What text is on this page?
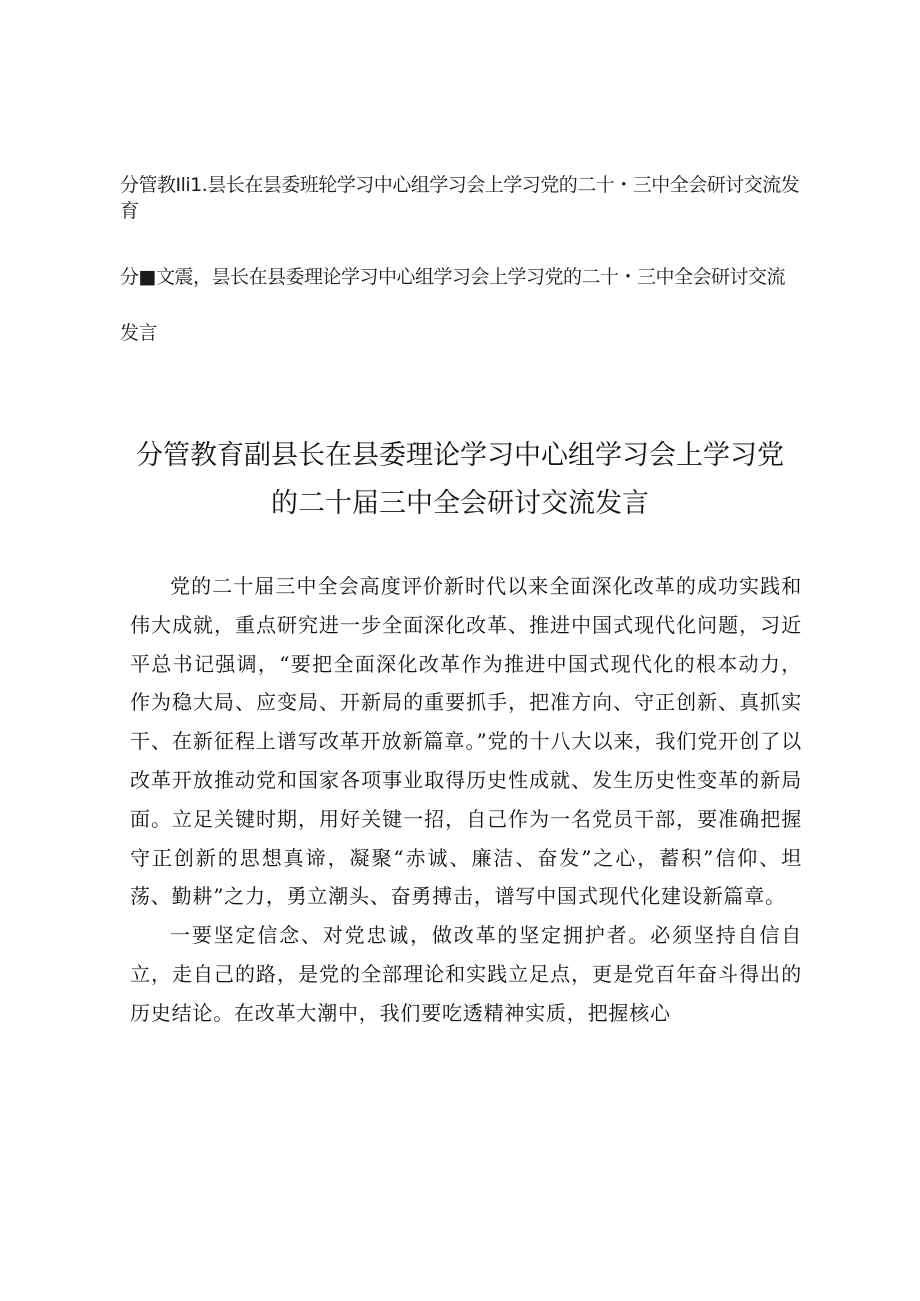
分管教Ili1.昙长在昙委班轮学习中心组学习会上学习党的二十・三中全会研讨交流发育
分■文震，昙长在县委理论学习中心组学习会上学习党的二十・三中全会研讨交流
发言
分管教育副县长在县委理论学习中心组学习会上学习党
的二十届三中全会研讨交流发言

党的二十届三中全会高度评价新时代以来全面深化改革的成功实践和伟大成就，重点研究进一步全面深化改革、推进中国式现代化问题，习近平总书记强调，“要把全面深化改革作为推进中国式现代化的根本动力，作为稳大局、应变局、开新局的重要抓手，把准方向、守正创新、真抓实干、在新征程上谱写改革开放新篇章。”党的十八大以来，我们党开创了以改革开放推动党和国家各项事业取得历史性成就、发生历史性变革的新局面。立足关键时期，用好关键一招，自己作为一名党员干部，要准确把握守正创新的思想真谛，凝聚“赤诚、廉洁、奋发”之心，蓄积”信仰、坦荡、勤耕”之力，勇立潮头、奋勇搏击，谱写中国式现代化建设新篇章。

一要坚定信念、对党忠诚，做改革的坚定拥护者。必须坚持自信自立，走自己的路，是党的全部理论和实践立足点，更是党百年奋斗得出的历史结论。在改革大潮中，我们要吃透精神实质，把握核心
